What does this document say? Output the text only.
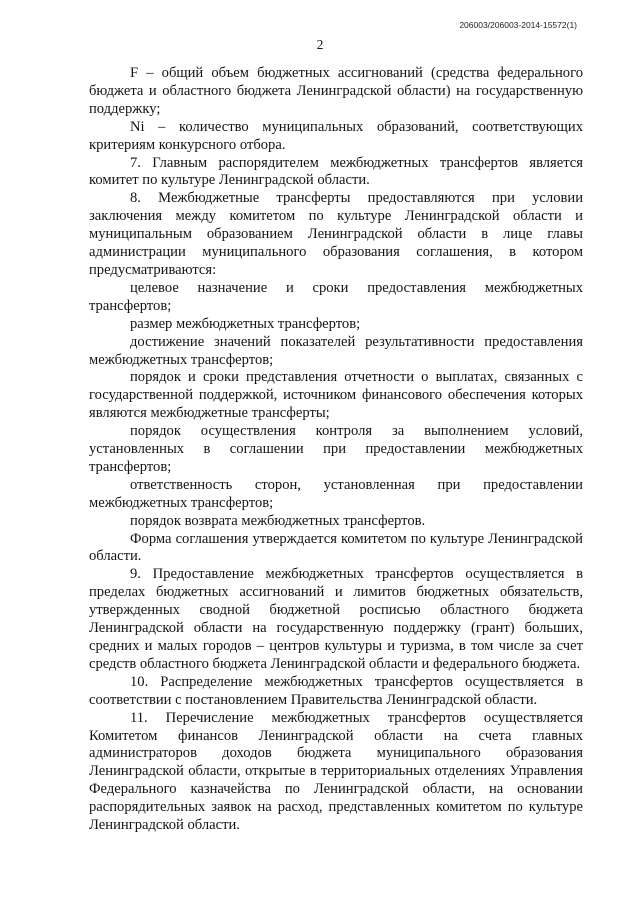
206003/206003-2014-15572(1)
2

F – общий объем бюджетных ассигнований (средства федерального бюджета и областного бюджета Ленинградской области) на государственную поддержку;

Ni – количество муниципальных образований, соответствующих критериям конкурсного отбора.

7. Главным распорядителем межбюджетных трансфертов является комитет по культуре Ленинградской области.

8. Межбюджетные трансферты предоставляются при условии заключения между комитетом по культуре Ленинградской области и муниципальным образованием Ленинградской области в лице главы администрации муниципального образования соглашения, в котором предусматриваются:

целевое назначение и сроки предоставления межбюджетных трансфертов;

размер межбюджетных трансфертов;

достижение значений показателей результативности предоставления межбюджетных трансфертов;

порядок и сроки представления отчетности о выплатах, связанных с государственной поддержкой, источником финансового обеспечения которых являются межбюджетные трансферты;

порядок осуществления контроля за выполнением условий, установленных в соглашении при предоставлении межбюджетных трансфертов;

ответственность сторон, установленная при предоставлении межбюджетных трансфертов;

порядок возврата межбюджетных трансфертов.

Форма соглашения утверждается комитетом по культуре Ленинградской области.

9. Предоставление межбюджетных трансфертов осуществляется в пределах бюджетных ассигнований и лимитов бюджетных обязательств, утвержденных сводной бюджетной росписью областного бюджета Ленинградской области на государственную поддержку (грант) больших, средних и малых городов – центров культуры и туризма, в том числе за счет средств областного бюджета Ленинградской области и федерального бюджета.

10. Распределение межбюджетных трансфертов осуществляется в соответствии с постановлением Правительства Ленинградской области.

11. Перечисление межбюджетных трансфертов осуществляется Комитетом финансов Ленинградской области на счета главных администраторов доходов бюджета муниципального образования Ленинградской области, открытые в территориальных отделениях Управления Федерального казначейства по Ленинградской области, на основании распорядительных заявок на расход, представленных комитетом по культуре Ленинградской области.
